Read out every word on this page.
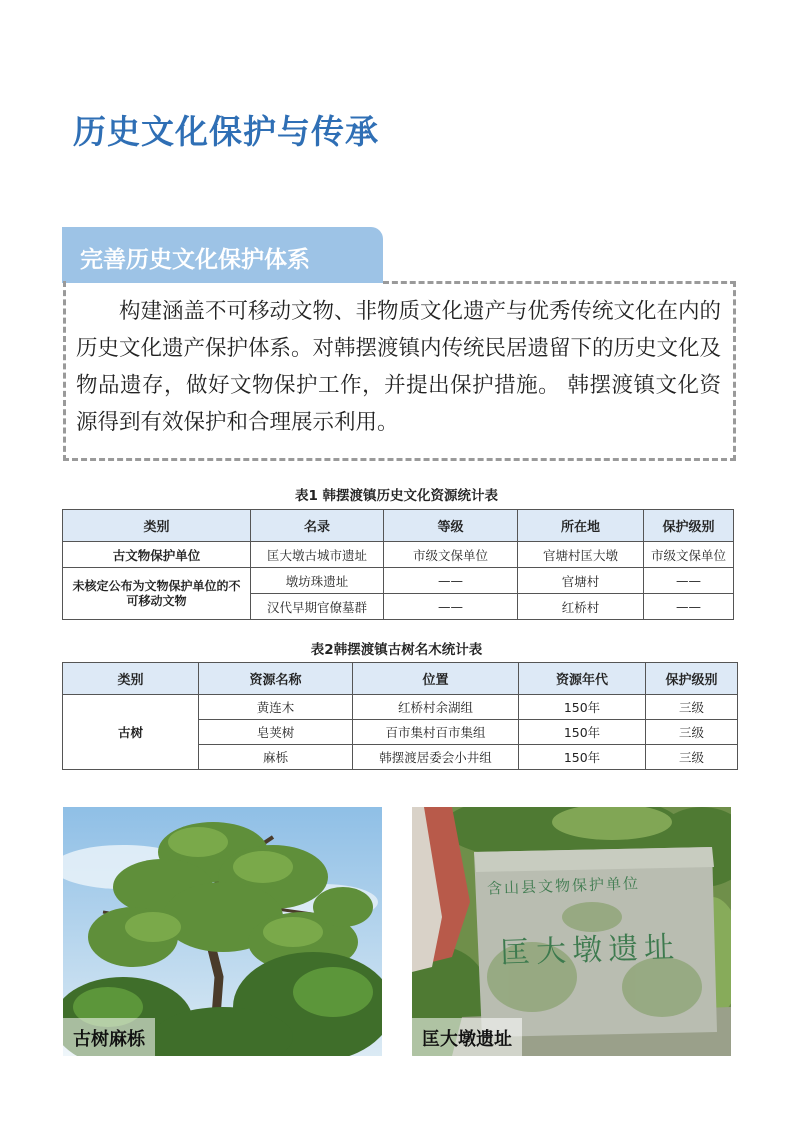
历史文化保护与传承
完善历史文化保护体系
构建涵盖不可移动文物、非物质文化遗产与优秀传统文化在内的历史文化遗产保护体系。对韩摆渡镇内传统民居遗留下的历史文化及物品遗存，做好文物保护工作，并提出保护措施。 韩摆渡镇文化资源得到有效保护和合理展示利用。
表1 韩摆渡镇历史文化资源统计表
类别	名录	等级	所在地	保护级别
古文物保护单位	匡大墩古城市遗址	市级文保单位	官塘村匡大墩	市级文保单位
未核定公布为文物保护单位的不可移动文物	墩坊珠遗址	——	官塘村	——
	汉代早期官僚墓群	——	红桥村	——
表2韩摆渡镇古树名木统计表
类别	资源名称	位置	资源年代	保护级别
古树	黄连木	红桥村余湖组	150年	三级
	皂荚树	百市集村百市集组	150年	三级
	麻栎	韩摆渡居委会小井组	150年	三级
古树麻栎
含山县文物保护单位
匡大墩遗址
匡大墩遗址
